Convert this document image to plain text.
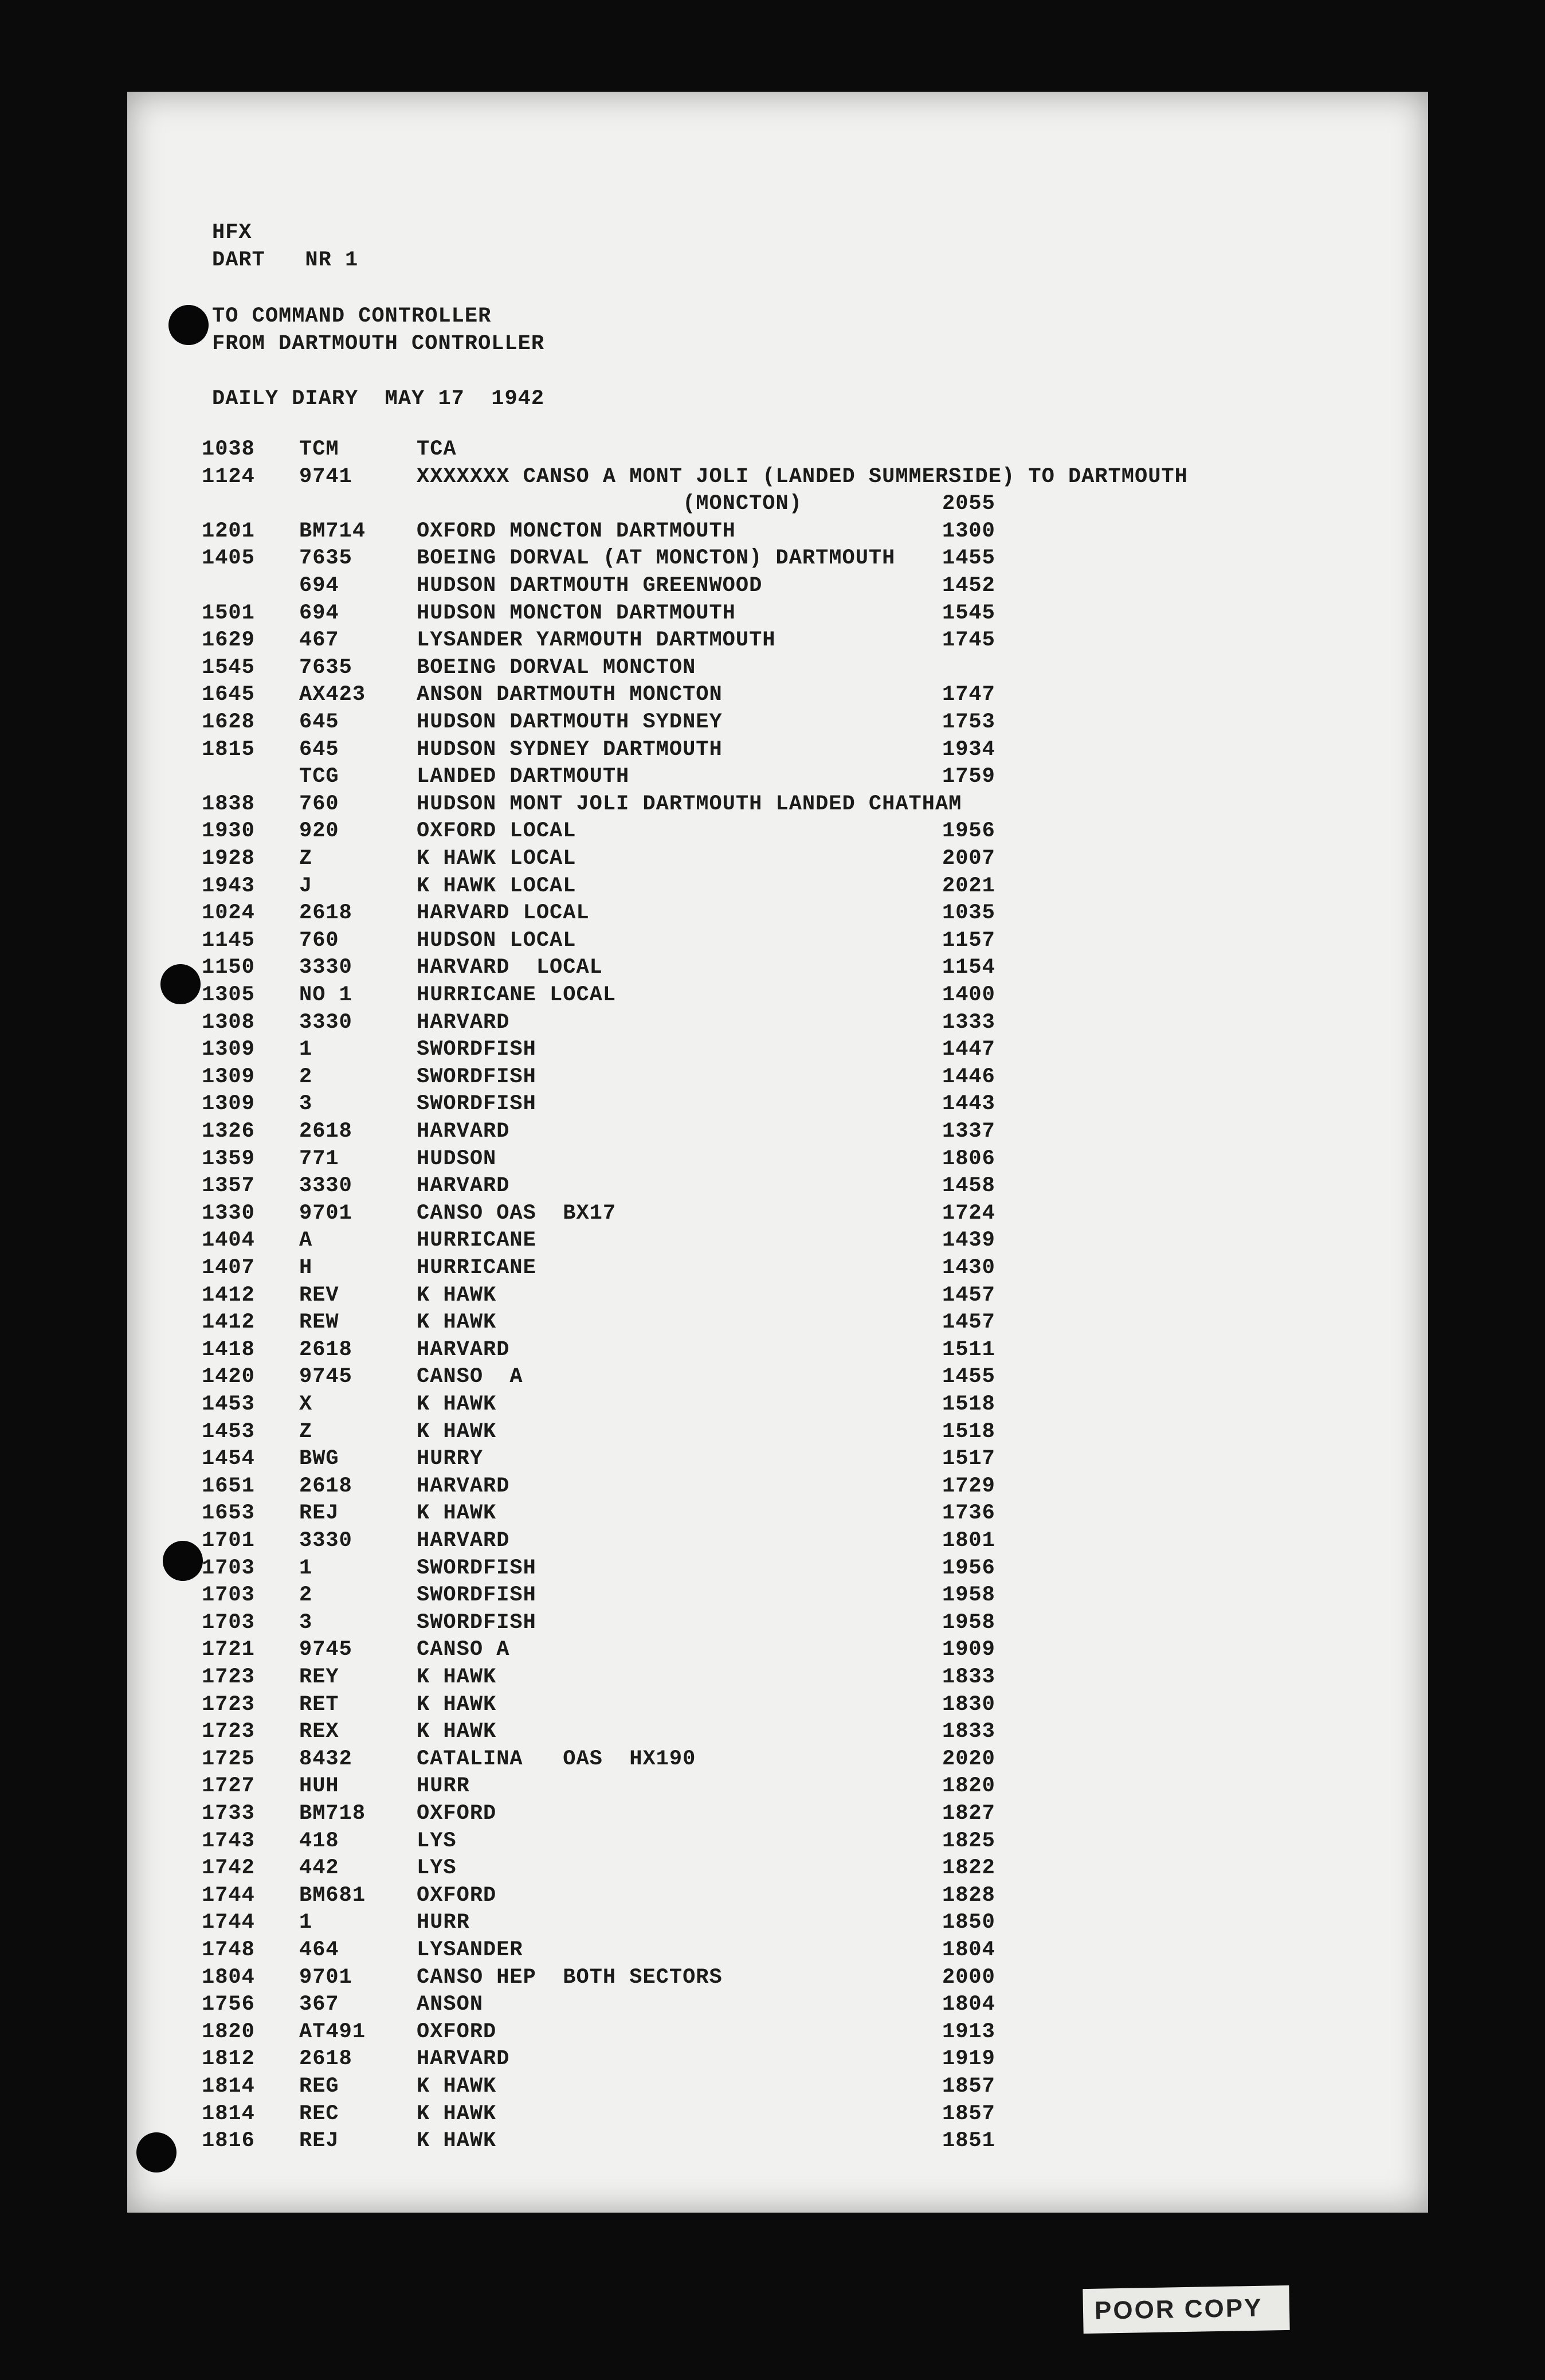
HFX
DART   NR 1
TO COMMAND CONTROLLER
FROM DARTMOUTH CONTROLLER
DAILY DIARY  MAY 17  1942
1038 TCM	TCA
1124 9741	XXXXXXX CANSO A MONT JOLI (LANDED SUMMERSIDE) TO DARTMOUTH
(MONCTON)	2055
1201 BM714 OXFORD MONCTON DARTMOUTH	1300
1405 7635	BOEING DORVAL (AT MONCTON) DARTMOUTH 1455
694	HUDSON DARTMOUTH GREENWOOD	1452
1501 694	HUDSON MONCTON DARTMOUTH	1545
1629 467	LYSANDER YARMOUTH DARTMOUTH	1745
1545 7635	BOEING DORVAL MONCTON
1645 AX423 ANSON DARTMOUTH MONCTON	1747
1628 645	HUDSON DARTMOUTH SYDNEY	1753
1815 645	HUDSON SYDNEY DARTMOUTH	1934
TCG	LANDED DARTMOUTH	1759
1838 760	HUDSON MONT JOLI DARTMOUTH LANDED CHATHAM
1930 920	OXFORD LOCAL	1956
1928 Z	K HAWK LOCAL	2007
1943 J	K HAWK LOCAL	2021
1024 2618	HARVARD LOCAL	1035
1145 760	HUDSON LOCAL	1157
1150 3330	HARVARD  LOCAL	1154
1305 NO 1	HURRICANE LOCAL	1400
1308 3330	HARVARD	1333
1309 1	SWORDFISH	1447
1309 2	SWORDFISH	1446
1309 3	SWORDFISH	1443
1326 2618	HARVARD	1337
1359 771	HUDSON	1806
1357 3330	HARVARD	1458
1330 9701	CANSO OAS  BX17	1724
1404 A	HURRICANE	1439
1407 H	HURRICANE	1430
1412 REV	K HAWK	1457
1412 REW	K HAWK	1457
1418 2618	HARVARD	1511
1420 9745	CANSO  A	1455
1453 X	K HAWK	1518
1453 Z	K HAWK	1518
1454 BWG	HURRY	1517
1651 2618	HARVARD	1729
1653 REJ	K HAWK	1736
1701 3330	HARVARD	1801
1703 1	SWORDFISH	1956
1703 2	SWORDFISH	1958
1703 3	SWORDFISH	1958
1721 9745	CANSO A	1909
1723 REY	K HAWK	1833
1723 RET	K HAWK	1830
1723 REX	K HAWK	1833
1725 8432	CATALINA   OAS  HX190	2020
1727 HUH	HURR	1820
1733 BM718 OXFORD	1827
1743 418	LYS	1825
1742 442	LYS	1822
1744 BM681 OXFORD	1828
1744 1	HURR	1850
1748 464	LYSANDER	1804
1804 9701	CANSO HEP  BOTH SECTORS	2000
1756 367	ANSON	1804
1820 AT491 OXFORD	1913
1812 2618	HARVARD	1919
1814 REG	K HAWK	1857
1814 REC	K HAWK	1857
1816 REJ	K HAWK	1851
POOR COPY
